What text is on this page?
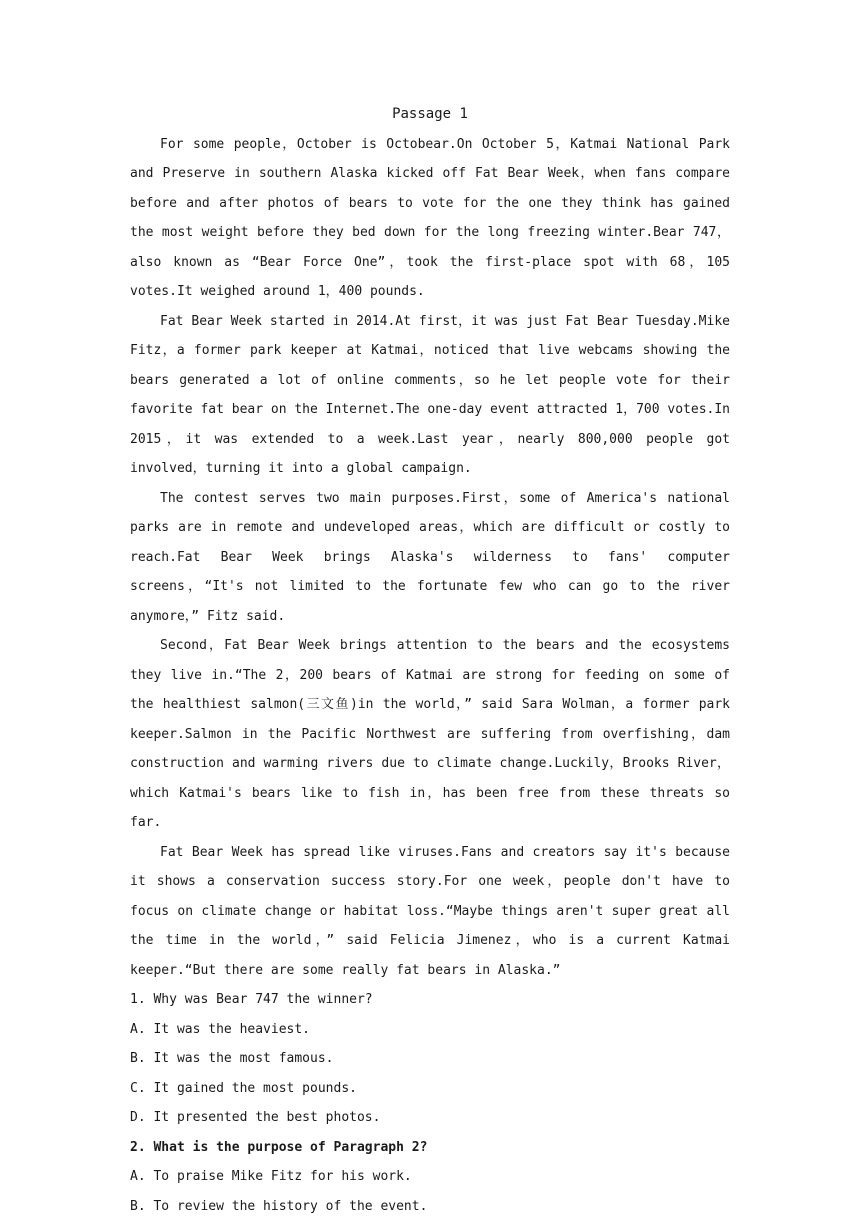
Passage 1

For some people，October is Octobear.On October 5，Katmai National Park and Preserve in southern Alaska kicked off Fat Bear Week，when fans compare before and after photos of bears to vote for the one they think has gained the most weight before they bed down for the long freezing winter.Bear 747，also known as “Bear Force One”，took the first-place spot with 68，105 votes.It weighed around 1，400 pounds.

Fat Bear Week started in 2014.At first，it was just Fat Bear Tuesday.Mike Fitz，a former park keeper at Katmai，noticed that live webcams showing the bears generated a lot of online comments，so he let people vote for their favorite fat bear on the Internet.The one-day event attracted 1，700 votes.In 2015，it was extended to a week.Last year，nearly 800,000 people got involved，turning it into a global campaign.

The contest serves two main purposes.First，some of America's national parks are in remote and undeveloped areas，which are difficult or costly to reach.Fat Bear Week brings Alaska's wilderness to fans' computer screens，“It's not limited to the fortunate few who can go to the river anymore，” Fitz said.

Second，Fat Bear Week brings attention to the bears and the ecosystems they live in.“The 2，200 bears of Katmai are strong for feeding on some of the healthiest salmon(三文鱼)in the world，” said Sara Wolman，a former park keeper.Salmon in the Pacific Northwest are suffering from overfishing，dam construction and warming rivers due to climate change.Luckily，Brooks River，which Katmai's bears like to fish in，has been free from these threats so far.

Fat Bear Week has spread like viruses.Fans and creators say it's because it shows a conservation success story.For one week，people don't have to focus on climate change or habitat loss.“Maybe things aren't super great all the time in the world，” said Felicia Jimenez，who is a current Katmai keeper.“But there are some really fat bears in Alaska.”

1. Why was Bear 747 the winner?

A. It was the heaviest.

B. It was the most famous.

C. It gained the most pounds.

D. It presented the best photos.

2. What is the purpose of Paragraph 2?

A. To praise Mike Fitz for his work.

B. To review the history of the event.
